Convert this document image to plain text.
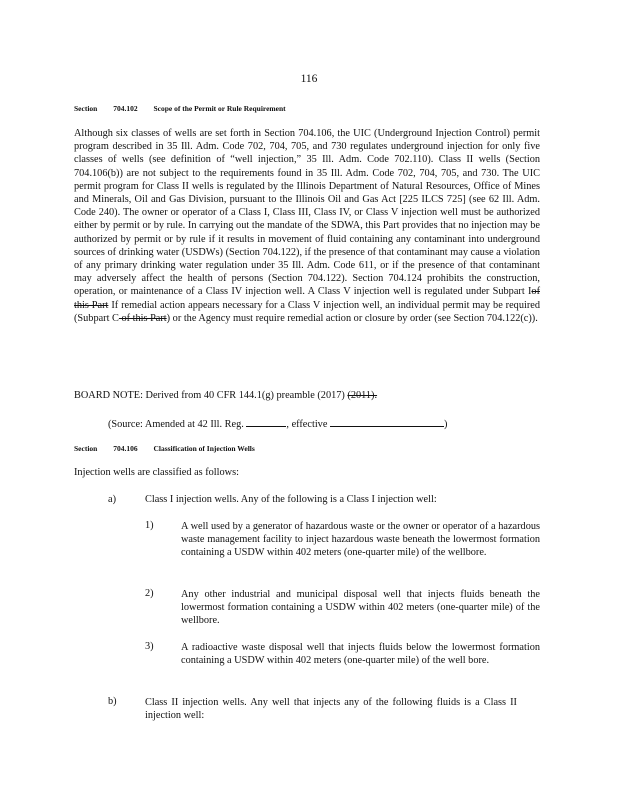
116
Section 704.102 Scope of the Permit or Rule Requirement
Although six classes of wells are set forth in Section 704.106, the UIC (Underground Injection Control) permit program described in 35 Ill. Adm. Code 702, 704, 705, and 730 regulates underground injection for only five classes of wells (see definition of “well injection,” 35 Ill. Adm. Code 702.110). Class II wells (Section 704.106(b)) are not subject to the requirements found in 35 Ill. Adm. Code 702, 704, 705, and 730. The UIC permit program for Class II wells is regulated by the Illinois Department of Natural Resources, Office of Mines and Minerals, Oil and Gas Division, pursuant to the Illinois Oil and Gas Act [225 ILCS 725] (see 62 Ill. Adm. Code 240). The owner or operator of a Class I, Class III, Class IV, or Class V injection well must be authorized either by permit or by rule. In carrying out the mandate of the SDWA, this Part provides that no injection may be authorized by permit or by rule if it results in movement of fluid containing any contaminant into underground sources of drinking water (USDWs) (Section 704.122), if the presence of that contaminant may cause a violation of any primary drinking water regulation under 35 Ill. Adm. Code 611, or if the presence of that contaminant may adversely affect the health of persons (Section 704.122). Section 704.124 prohibits the construction, operation, or maintenance of a Class IV injection well. A Class V injection well is regulated under Subpart Iof this Part If remedial action appears necessary for a Class V injection well, an individual permit may be required (Subpart C of this Part) or the Agency must require remedial action or closure by order (see Section 704.122(c)).
BOARD NOTE: Derived from 40 CFR 144.1(g) preamble (2017) (2011).
(Source: Amended at 42 Ill. Reg.	, effective	)
Section 704.106 Classification of Injection Wells
Injection wells are classified as follows:
a)	Class I injection wells. Any of the following is a Class I injection well:
1)	A well used by a generator of hazardous waste or the owner or operator of a hazardous waste management facility to inject hazardous waste beneath the lowermost formation containing a USDW within 402 meters (one-quarter mile) of the wellbore.
2)	Any other industrial and municipal disposal well that injects fluids beneath the lowermost formation containing a USDW within 402 meters (one-quarter mile) of the wellbore.
3)	A radioactive waste disposal well that injects fluids below the lowermost formation containing a USDW within 402 meters (one-quarter mile) of the well bore.
b)	Class II injection wells. Any well that injects any of the following fluids is a Class II injection well:
